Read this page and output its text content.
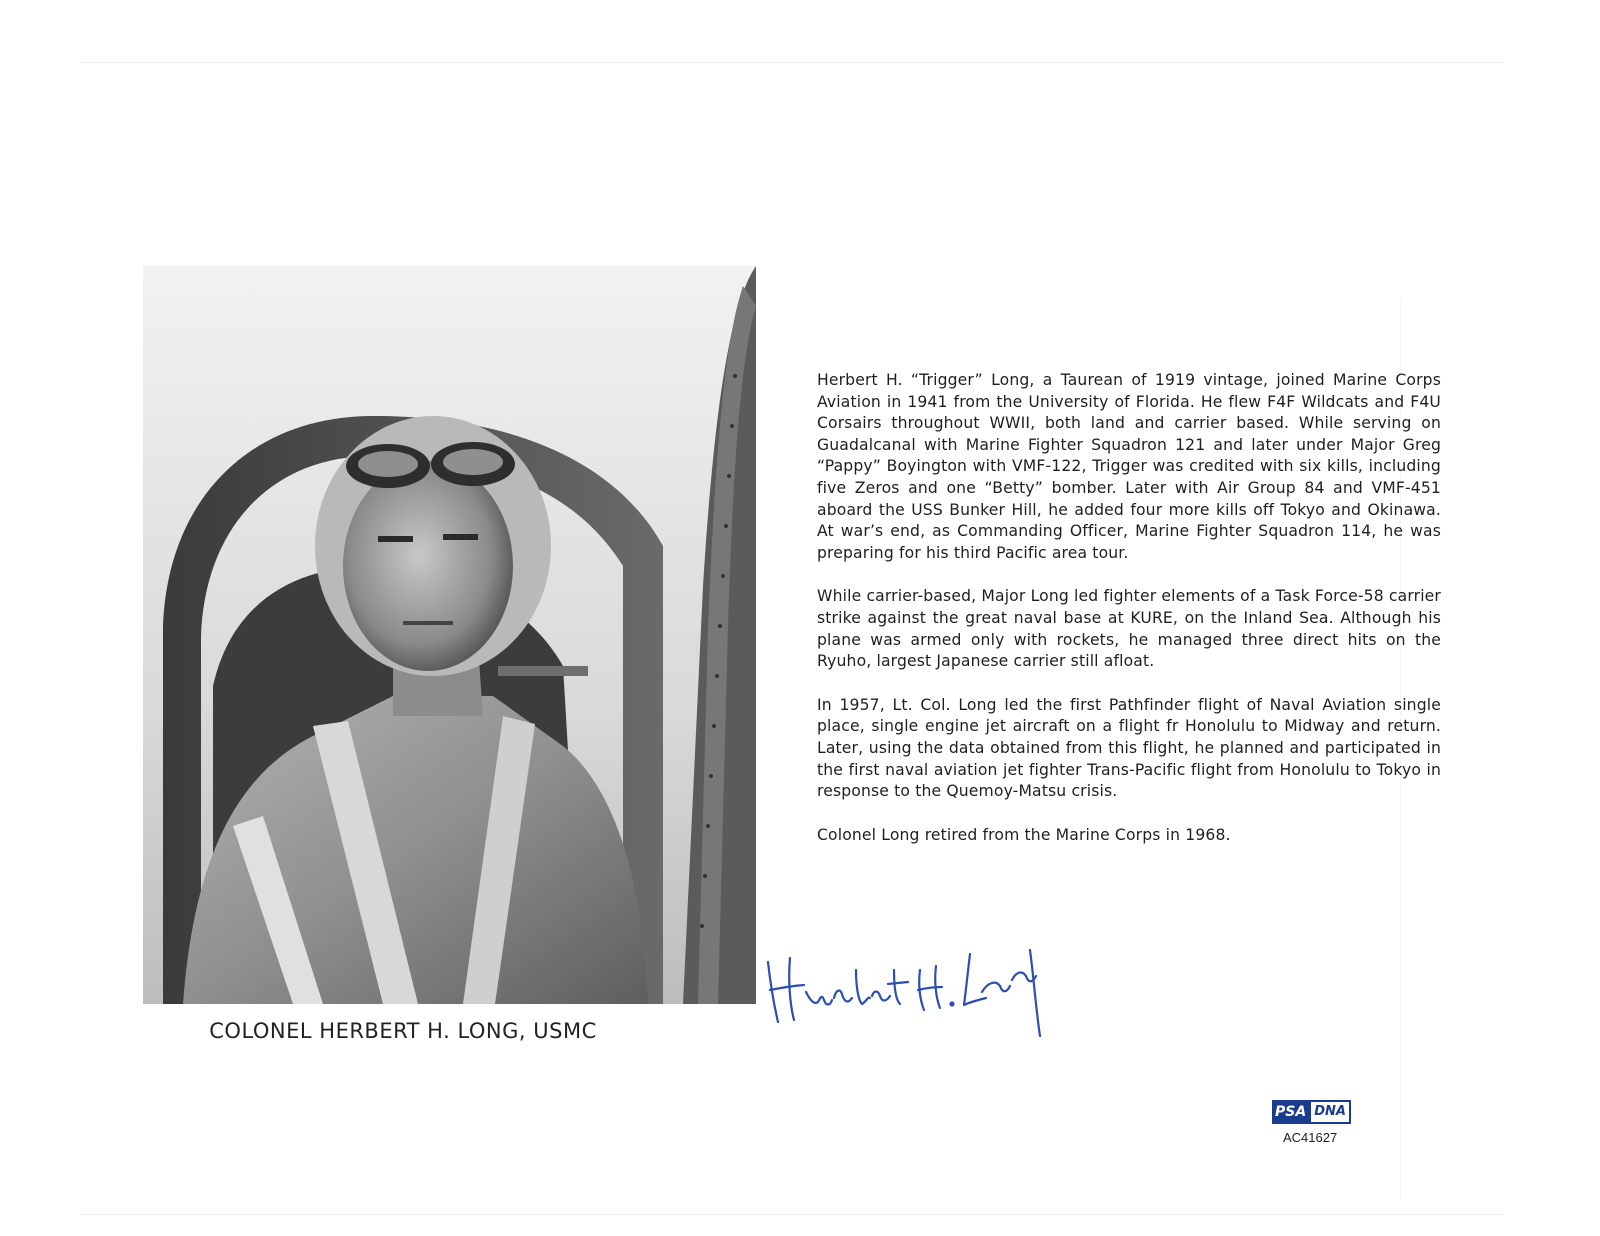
COLONEL HERBERT H. LONG, USMC

Herbert H. “Trigger” Long, a Taurean of 1919 vintage, joined Marine Corps Aviation in 1941 from the University of Florida. He flew F4F Wildcats and F4U Corsairs throughout WWII, both land and carrier based. While serving on Guadalcanal with Marine Fighter Squadron 121 and later under Major Greg “Pappy” Boyington with VMF-122, Trigger was credited with six kills, including five Zeros and one “Betty” bomber. Later with Air Group 84 and VMF-451 aboard the USS Bunker Hill, he added four more kills off Tokyo and Okinawa. At war’s end, as Commanding Officer, Marine Fighter Squadron 114, he was preparing for his third Pacific area tour.

While carrier-based, Major Long led fighter elements of a Task Force-58 carrier strike against the great naval base at KURE, on the Inland Sea. Although his plane was armed only with rockets, he managed three direct hits on the Ryuho, largest Japanese carrier still afloat.

In 1957, Lt. Col. Long led the first Pathfinder flight of Naval Aviation single place, single engine jet aircraft on a flight fr Honolulu to Midway and return. Later, using the data obtained from this flight, he planned and participated in the first naval aviation jet fighter Trans-Pacific flight from Honolulu to Tokyo in response to the Quemoy-Matsu crisis.

Colonel Long retired from the Marine Corps in 1968.

PSA DNA
AC41627
